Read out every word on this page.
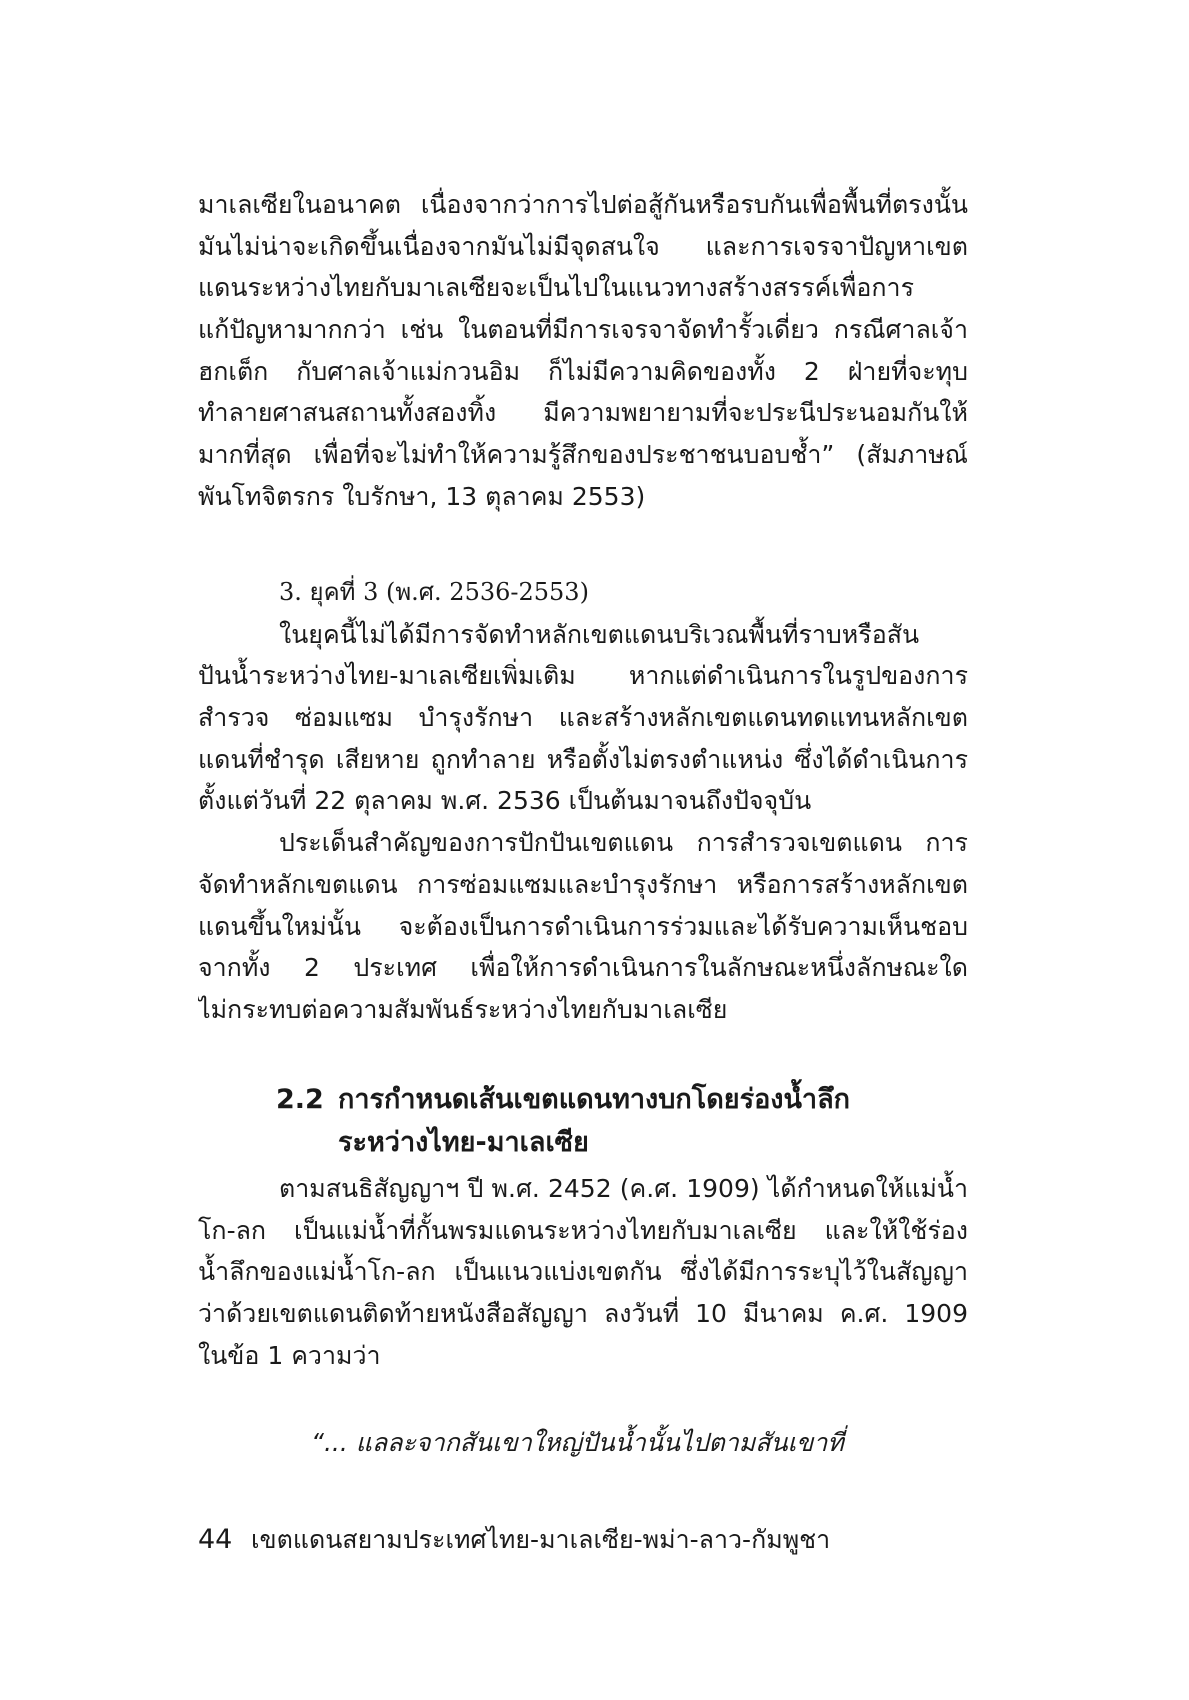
มาเลเซียในอนาคต เนื่องจากว่าการไปต่อสู้กันหรือรบกันเพื่อพื้นที่ตรงนั้น
มันไม่น่าจะเกิดขึ้นเนื่องจากมันไม่มีจุดสนใจ และการเจรจาปัญหาเขต
แดนระหว่างไทยกับมาเลเซียจะเป็นไปในแนวทางสร้างสรรค์เพื่อการ
แก้ปัญหามากกว่า เช่น ในตอนที่มีการเจรจาจัดทำรั้วเดี่ยว กรณีศาลเจ้า
ฮกเต็ก กับศาลเจ้าแม่กวนอิม ก็ไม่มีความคิดของทั้ง 2 ฝ่ายที่จะทุบ
ทำลายศาสนสถานทั้งสองทิ้ง มีความพยายามที่จะประนีประนอมกันให้
มากที่สุด เพื่อที่จะไม่ทำให้ความรู้สึกของประชาชนบอบช้ำ” (สัมภาษณ์
พันโทจิตรกร ใบรักษา, 13 ตุลาคม 2553)
3. ยุคที่ 3 (พ.ศ. 2536-2553)
ในยุคนี้ไม่ได้มีการจัดทำหลักเขตแดนบริเวณพื้นที่ราบหรือสัน
ปันน้ำระหว่างไทย-มาเลเซียเพิ่มเติม หากแต่ดำเนินการในรูปของการ
สำรวจ ซ่อมแซม บำรุงรักษา และสร้างหลักเขตแดนทดแทนหลักเขต
แดนที่ชำรุด เสียหาย ถูกทำลาย หรือตั้งไม่ตรงตำแหน่ง ซึ่งได้ดำเนินการ
ตั้งแต่วันที่ 22 ตุลาคม พ.ศ. 2536 เป็นต้นมาจนถึงปัจจุบัน
ประเด็นสำคัญของการปักปันเขตแดน การสำรวจเขตแดน การ
จัดทำหลักเขตแดน การซ่อมแซมและบำรุงรักษา หรือการสร้างหลักเขต
แดนขึ้นใหม่นั้น จะต้องเป็นการดำเนินการร่วมและได้รับความเห็นชอบ
จากทั้ง 2 ประเทศ เพื่อให้การดำเนินการในลักษณะหนึ่งลักษณะใด
ไม่กระทบต่อความสัมพันธ์ระหว่างไทยกับมาเลเซีย
2.2 การกำหนดเส้นเขตแดนทางบกโดยร่องน้ำลึก
ระหว่างไทย-มาเลเซีย
ตามสนธิสัญญาฯ ปี พ.ศ. 2452 (ค.ศ. 1909) ได้กำหนดให้แม่น้ำ
โก-ลก เป็นแม่น้ำที่กั้นพรมแดนระหว่างไทยกับมาเลเซีย และให้ใช้ร่อง
น้ำลึกของแม่น้ำโก-ลก เป็นแนวแบ่งเขตกัน ซึ่งได้มีการระบุไว้ในสัญญา
ว่าด้วยเขตแดนติดท้ายหนังสือสัญญา ลงวันที่ 10 มีนาคม ค.ศ. 1909
ในข้อ 1 ความว่า
“... แลละจากสันเขาใหญ่ปันน้ำนั้นไปตามสันเขาที่
44 เขตแดนสยามประเทศไทย-มาเลเซีย-พม่า-ลาว-กัมพูชา
